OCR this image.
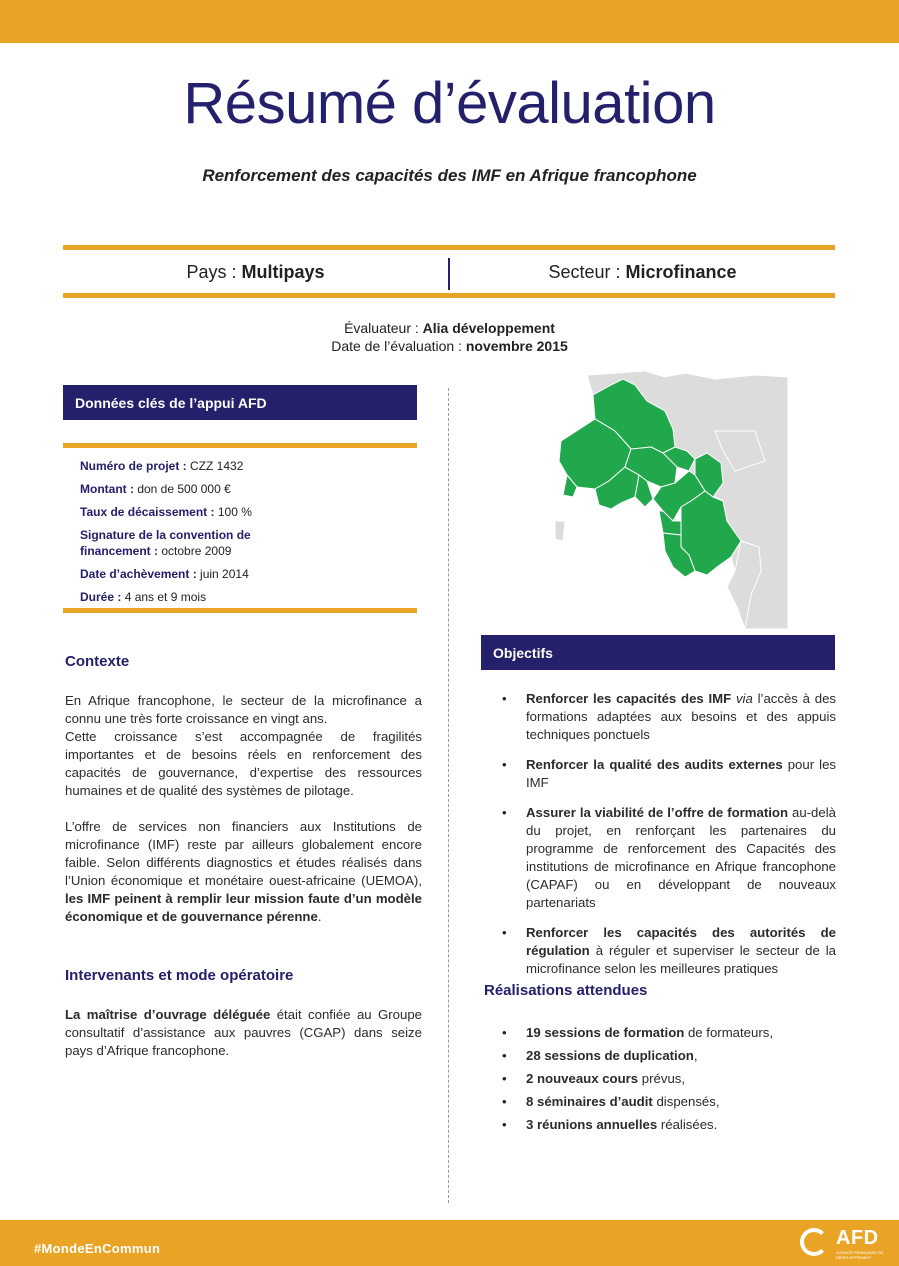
Résumé d’évaluation
Renforcement des capacités des IMF en Afrique francophone
Pays : Multipays	Secteur : Microfinance
Évaluateur : Alia développement
Date de l’évaluation : novembre 2015
Données clés de l’appui AFD
Numéro de projet : CZZ 1432
Montant : don de 500 000 €
Taux de décaissement : 100 %
Signature de la convention de financement : octobre 2009
Date d’achèvement : juin 2014
Durée : 4 ans et 9 mois
Contexte

En Afrique francophone, le secteur de la microfinance a connu une très forte croissance en vingt ans.

Cette croissance s’est accompagnée de fragilités importantes et de besoins réels en renforcement des capacités de gouvernance, d’expertise des ressources humaines et de qualité des systèmes de pilotage.

L’offre de services non financiers aux Institutions de microfinance (IMF) reste par ailleurs globalement encore faible. Selon différents diagnostics et études réalisés dans l’Union économique et monétaire ouest-africaine (UEMOA), les IMF peinent à remplir leur mission faute d’un modèle économique et de gouvernance pérenne.

Intervenants et mode opératoire
La maîtrise d’ouvrage déléguée était confiée au Groupe consultatif d’assistance aux pauvres (CGAP) dans seize pays d’Afrique francophone.
Objectifs
• Renforcer les capacités des IMF via l’accès à des formations adaptées aux besoins et des appuis techniques ponctuels
• Renforcer la qualité des audits externes pour les IMF
• Assurer la viabilité de l’offre de formation au-delà du projet, en renforçant les partenaires du programme de renforcement des Capacités des institutions de microfinance en Afrique francophone (CAPAF) ou en développant de nouveaux partenariats
• Renforcer les capacités des autorités de régulation à réguler et superviser le secteur de la microfinance selon les meilleures pratiques
Réalisations attendues
• 19 sessions de formation de formateurs,
• 28 sessions de duplication,
• 2 nouveaux cours prévus,
• 8 séminaires d’audit dispensés,
• 3 réunions annuelles réalisées.
#MondeEnCommun	AFD
AGENCE FRANÇAISE DE DÉVELOPPEMENT
